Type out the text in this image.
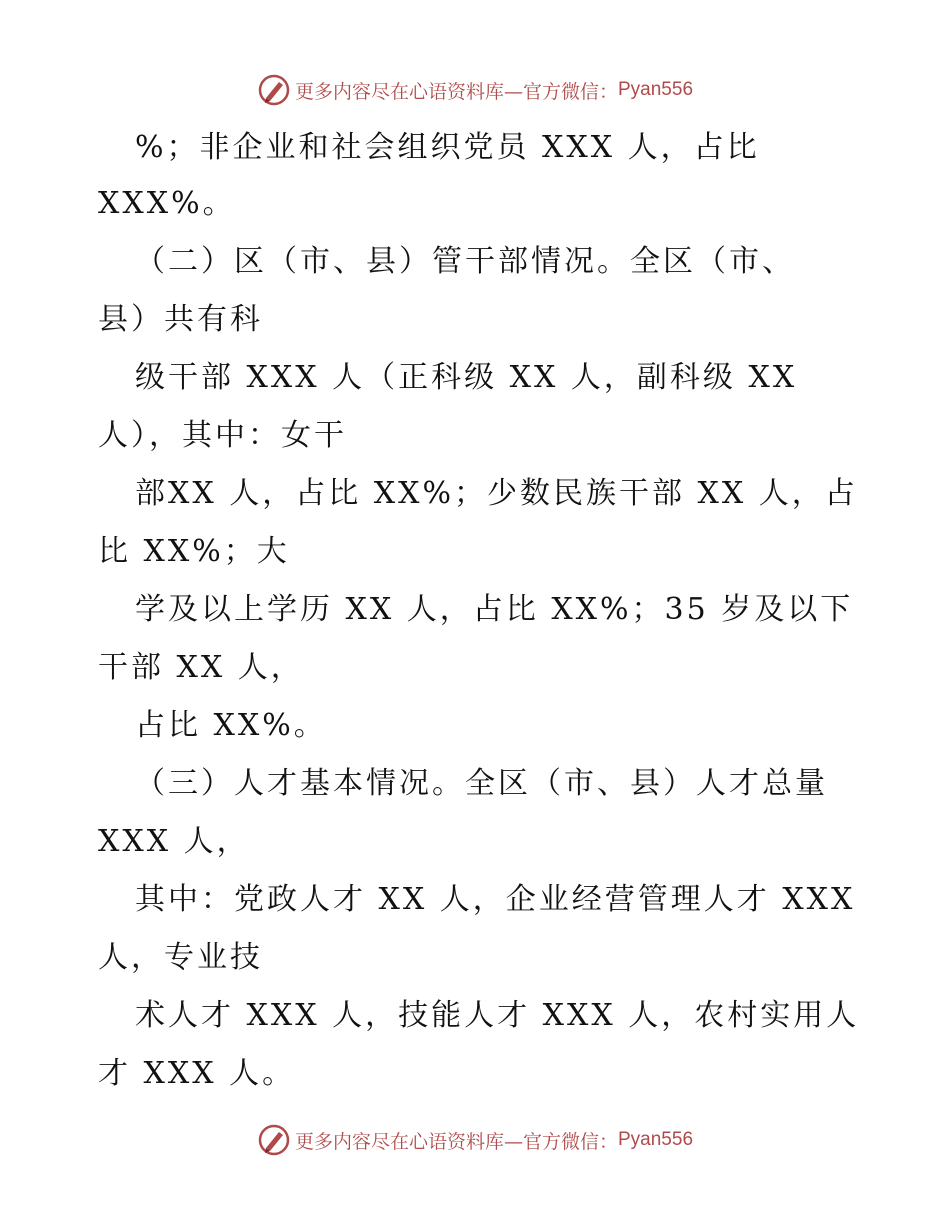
更多内容尽在心语资料库—官方微信： Pyan556
%；非企业和社会组织党员 XXX 人，占比
XXX%。
（二）区（市、县）管干部情况。全区（市、
县）共有科
级干部 XXX 人（正科级 XX 人，副科级 XX
人），其中：女干
部XX 人，占比 XX%；少数民族干部 XX 人，占
比 XX%；大
学及以上学历 XX 人，占比 XX%；35 岁及以下
干部 XX 人，
占比 XX%。
（三）人才基本情况。全区（市、县）人才总量
XXX 人，
其中：党政人才 XX 人，企业经营管理人才 XXX
人，专业技
术人才 XXX 人，技能人才 XXX 人，农村实用人
才 XXX 人。
更多内容尽在心语资料库—官方微信： Pyan556
